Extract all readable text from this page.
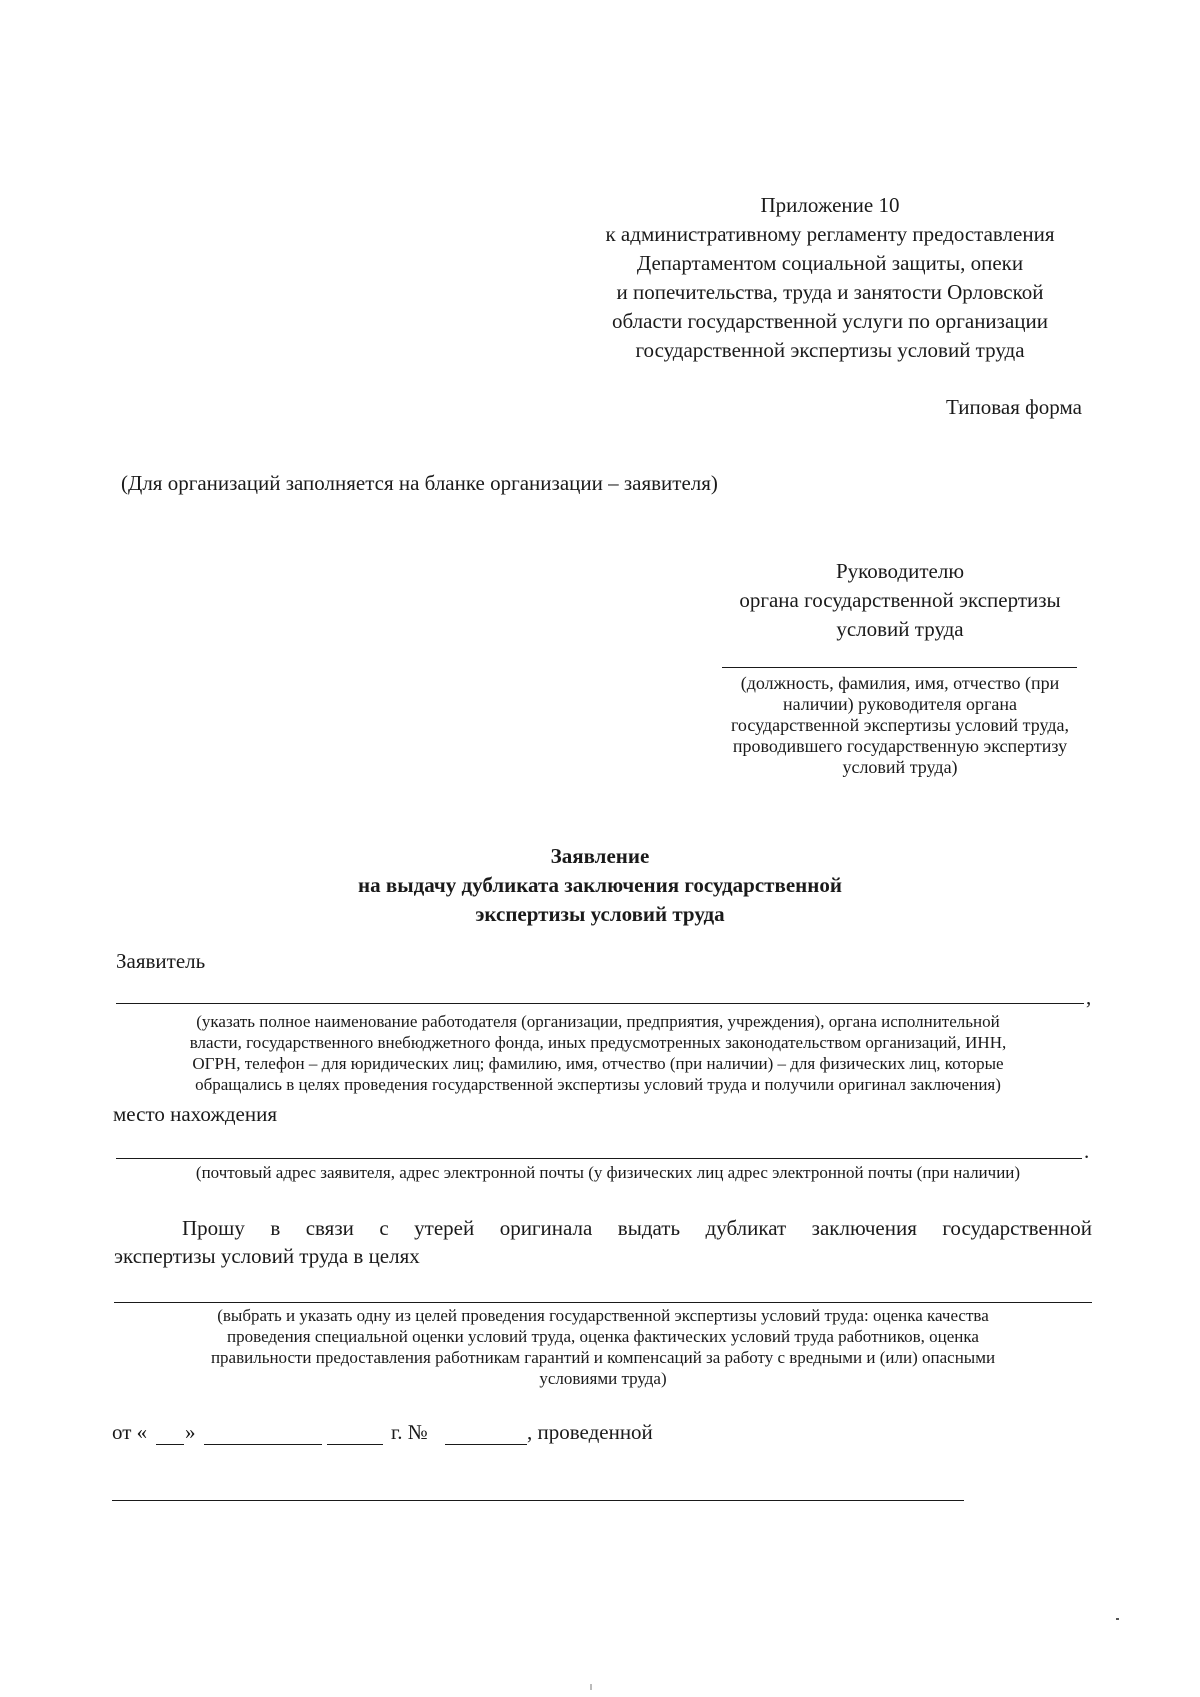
Приложение 10
к административному регламенту предоставления
Департаментом социальной защиты, опеки
и попечительства, труда и занятости Орловской
области государственной услуги по организации
государственной экспертизы условий труда
Типовая форма
(Для организаций заполняется на бланке организации – заявителя)
Руководителю
органа государственной экспертизы
условий труда
(должность, фамилия, имя, отчество (при
наличии) руководителя органа
государственной экспертизы условий труда,
проводившего государственную экспертизу
условий труда)
Заявление
на выдачу дубликата заключения государственной
экспертизы условий труда
Заявитель
,
(указать полное наименование работодателя (организации, предприятия, учреждения), органа исполнительной
власти, государственного внебюджетного фонда, иных предусмотренных законодательством организаций, ИНН,
ОГРН, телефон – для юридических лиц; фамилию, имя, отчество (при наличии) – для физических лиц, которые
обращались в целях проведения государственной экспертизы условий труда и получили оригинал заключения)
место нахождения
.
(почтовый адрес заявителя, адрес электронной почты (у физических лиц адрес электронной почты (при наличии)
Прошу в связи с утерей оригинала выдать дубликат заключения государственной
экспертизы условий труда в целях
(выбрать и указать одну из целей проведения государственной экспертизы условий труда: оценка качества
проведения специальной оценки условий труда, оценка фактических условий труда работников, оценка
правильности предоставления работникам гарантий и компенсаций за работу с вредными и (или) опасными
условиями труда)
от « »	г. №	, проведенной
